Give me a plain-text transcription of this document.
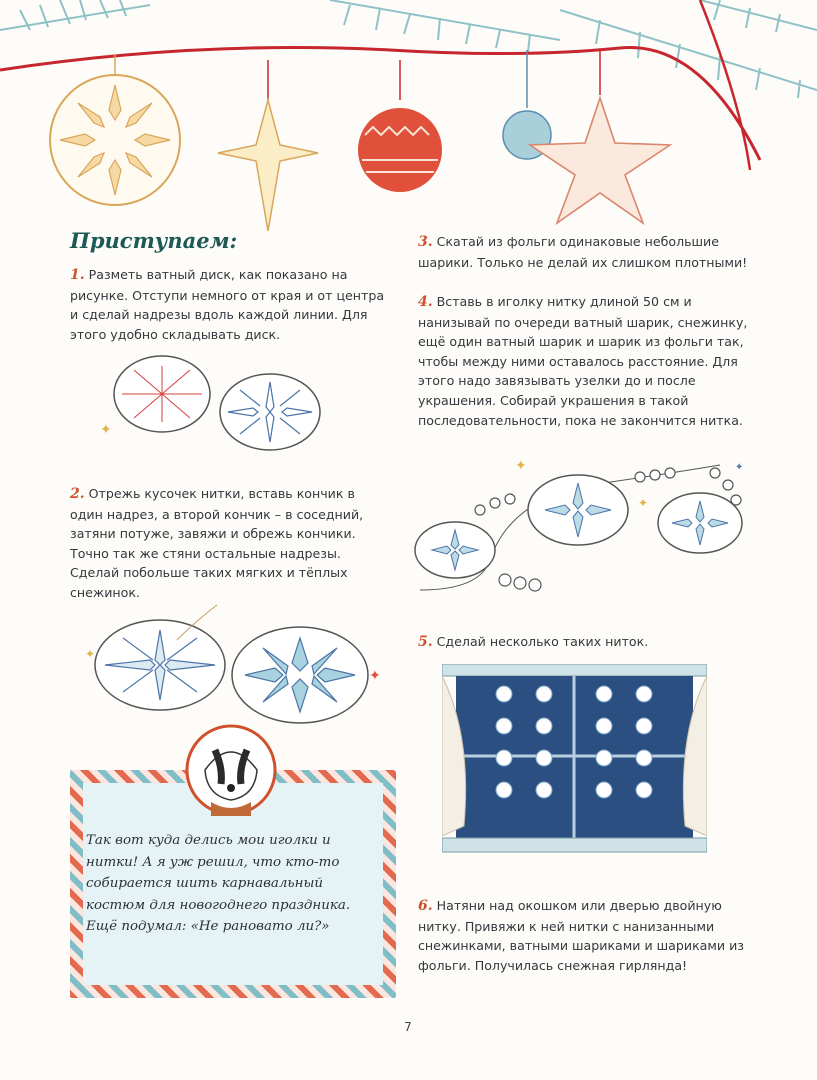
Приступаем:

1. Разметь ватный диск, как показано на рисунке. Отступи немного от края и от центра и сделай надрезы вдоль каждой линии. Для этого удобно складывать диск.

✦

2. Отрежь кусочек нитки, вставь кончик в один надрез, а второй кончик – в соседний, затяни потуже, завяжи и обрежь кончики. Точно так же стяни остальные надрезы. Сделай побольше таких мягких и тёплых снежинок.

✦
✦

Так вот куда делись мои иголки и нитки! А я уж решил, что кто-то собирается шить карнавальный костюм для новогоднего праздника. Ещё подумал: «Не рановато ли?»

3. Скатай из фольги одинаковые небольшие шарики. Только не делай их слишком плотными!

4. Вставь в иголку нитку длиной 50 см и нанизывай по очереди ватный шарик, снежинку, ещё один ватный шарик и шарик из фольги так, чтобы между ними оставалось расстояние. Для этого надо завязывать узелки до и после украшения. Собирай украшения в такой последовательности, пока не закончится нитка.

✦
✦
✦

5. Сделай несколько таких ниток.

6. Натяни над окошком или дверью двойную нитку. Привяжи к ней нитки с нанизанными снежинками, ватными шариками и шариками из фольги. Получилась снежная гирлянда!

7
